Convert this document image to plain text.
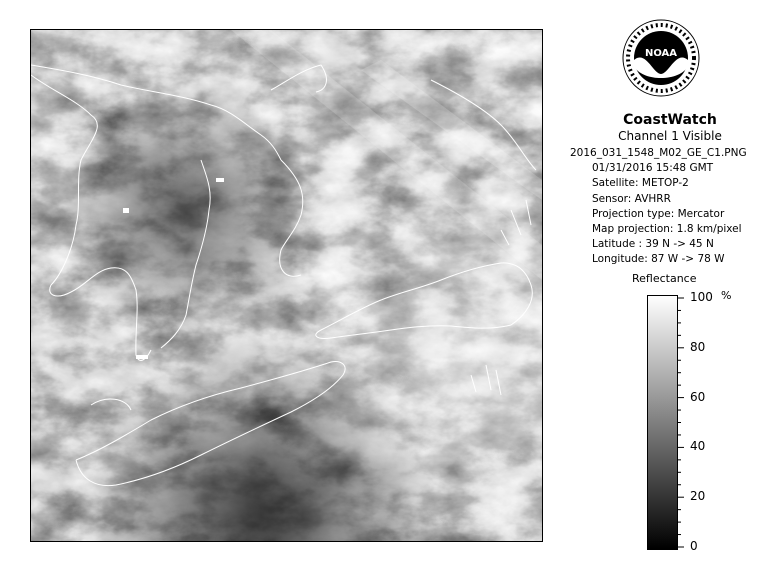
NOAA
CoastWatch
Channel 1 Visible
2016_031_1548_M02_GE_C1.PNG
01/31/2016 15:48 GMT
Satellite: METOP-2
Sensor: AVHRR
Projection type: Mercator
Map projection: 1.8 km/pixel
Latitude : 39 N -> 45 N
Longitude: 87 W -> 78 W
Reflectance
100
80
60
40
20
0
%
